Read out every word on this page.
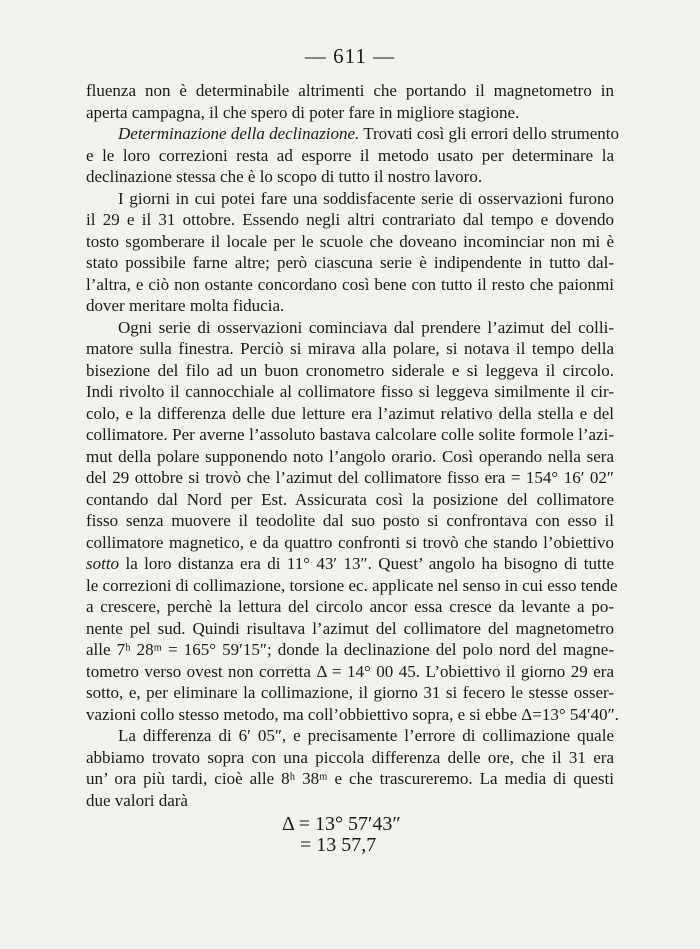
— 611 —
fluenza non è determinabile altrimenti che portando il magnetometro in
aperta campagna, il che spero di poter fare in migliore stagione.
Determinazione della declinazione. Trovati così gli errori dello strumento
e le loro correzioni resta ad esporre il metodo usato per determinare la
declinazione stessa che è lo scopo di tutto il nostro lavoro.
I giorni in cui potei fare una soddisfacente serie di osservazioni furono
il 29 e il 31 ottobre. Essendo negli altri contrariato dal tempo e dovendo
tosto sgomberare il locale per le scuole che doveano incominciar non mi è
stato possibile farne altre; però ciascuna serie è indipendente in tutto dal-
l’altra, e ciò non ostante concordano così bene con tutto il resto che paionmi
dover meritare molta fiducia.
Ogni serie di osservazioni cominciava dal prendere l’azimut del colli-
matore sulla finestra. Perciò si mirava alla polare, si notava il tempo della
bisezione del filo ad un buon cronometro siderale e si leggeva il circolo.
Indi rivolto il cannocchiale al collimatore fisso si leggeva similmente il cir-
colo, e la differenza delle due letture era l’azimut relativo della stella e del
collimatore. Per averne l’assoluto bastava calcolare colle solite formole l’azi-
mut della polare supponendo noto l’angolo orario. Così operando nella sera
del 29 ottobre si trovò che l’azimut del collimatore fisso era = 154° 16′ 02″
contando dal Nord per Est. Assicurata così la posizione del collimatore
fisso senza muovere il teodolite dal suo posto si confrontava con esso il
collimatore magnetico, e da quattro confronti si trovò che stando l’obiettivo
sotto la loro distanza era di 11° 43′ 13″. Quest’ angolo ha bisogno di tutte
le correzioni di collimazione, torsione ec. applicate nel senso in cui esso tende
a crescere, perchè la lettura del circolo ancor essa cresce da levante a po-
nente pel sud. Quindi risultava l’azimut del collimatore del magnetometro
alle 7ʰ 28ᵐ = 165° 59′15″; donde la declinazione del polo nord del magne-
tometro verso ovest non corretta Δ = 14° 00 45. L’obiettivo il giorno 29 era
sotto, e, per eliminare la collimazione, il giorno 31 si fecero le stesse osser-
vazioni collo stesso metodo, ma coll’obbiettivo sopra, e si ebbe Δ=13° 54′40″.
La differenza di 6′ 05″, e precisamente l’errore di collimazione quale
abbiamo trovato sopra con una piccola differenza delle ore, che il 31 era
un’ ora più tardi, cioè alle 8ʰ 38ᵐ e che trascureremo. La media di questi
due valori darà
Δ = 13° 57′43″
= 13 57,7
